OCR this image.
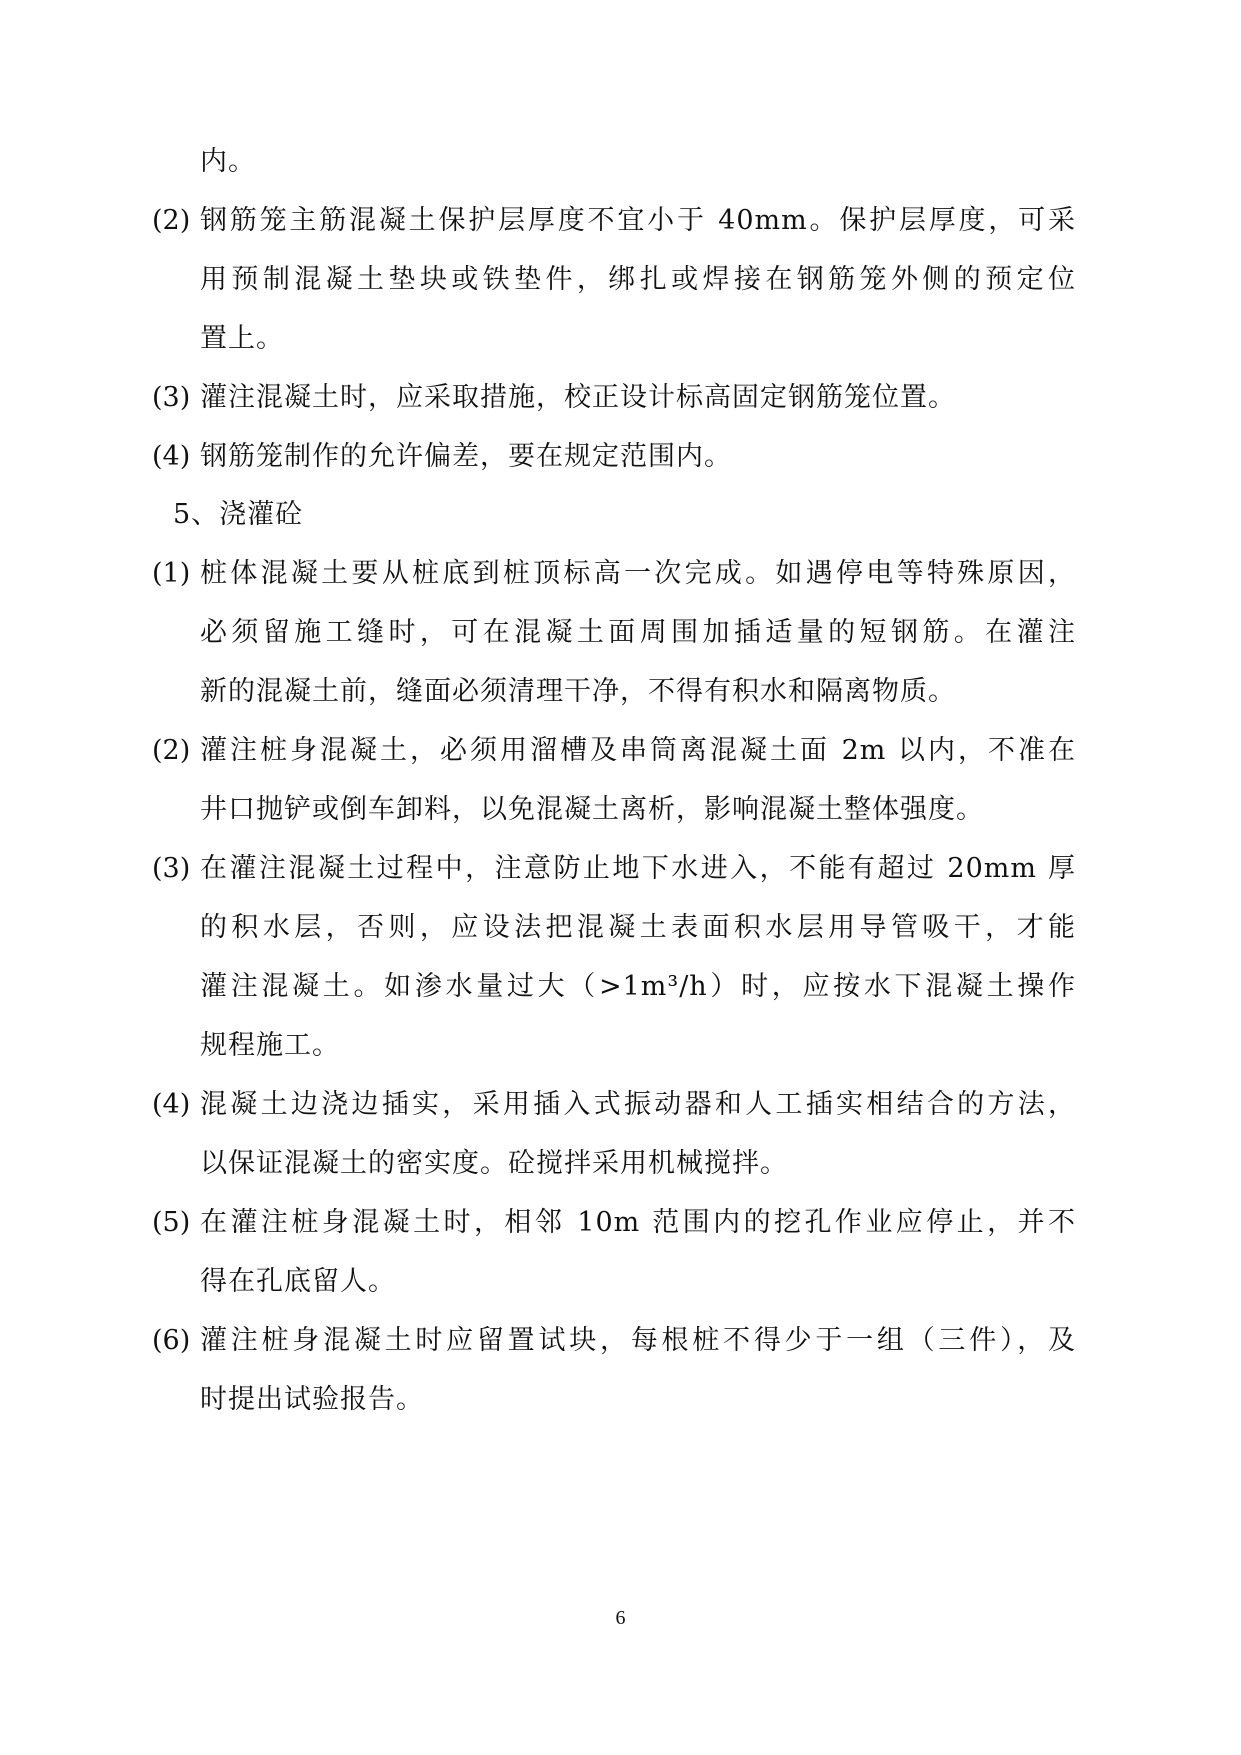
内。
(2) 钢筋笼主筋混凝土保护层厚度不宜小于 40mm。保护层厚度，可采
用预制混凝土垫块或铁垫件，绑扎或焊接在钢筋笼外侧的预定位
置上。
(3) 灌注混凝土时，应采取措施，校正设计标高固定钢筋笼位置。
(4) 钢筋笼制作的允许偏差，要在规定范围内。
5、浇灌砼
(1) 桩体混凝土要从桩底到桩顶标高一次完成。如遇停电等特殊原因，
必须留施工缝时，可在混凝土面周围加插适量的短钢筋。在灌注
新的混凝土前，缝面必须清理干净，不得有积水和隔离物质。
(2) 灌注桩身混凝土，必须用溜槽及串筒离混凝土面 2m 以内，不准在
井口抛铲或倒车卸料，以免混凝土离析，影响混凝土整体强度。
(3) 在灌注混凝土过程中，注意防止地下水进入，不能有超过 20mm 厚
的积水层，否则，应设法把混凝土表面积水层用导管吸干，才能
灌注混凝土。如渗水量过大（>1m³/h）时，应按水下混凝土操作
规程施工。
(4) 混凝土边浇边插实，采用插入式振动器和人工插实相结合的方法，
以保证混凝土的密实度。砼搅拌采用机械搅拌。
(5) 在灌注桩身混凝土时，相邻 10m 范围内的挖孔作业应停止，并不
得在孔底留人。
(6) 灌注桩身混凝土时应留置试块，每根桩不得少于一组（三件），及
时提出试验报告。
6
